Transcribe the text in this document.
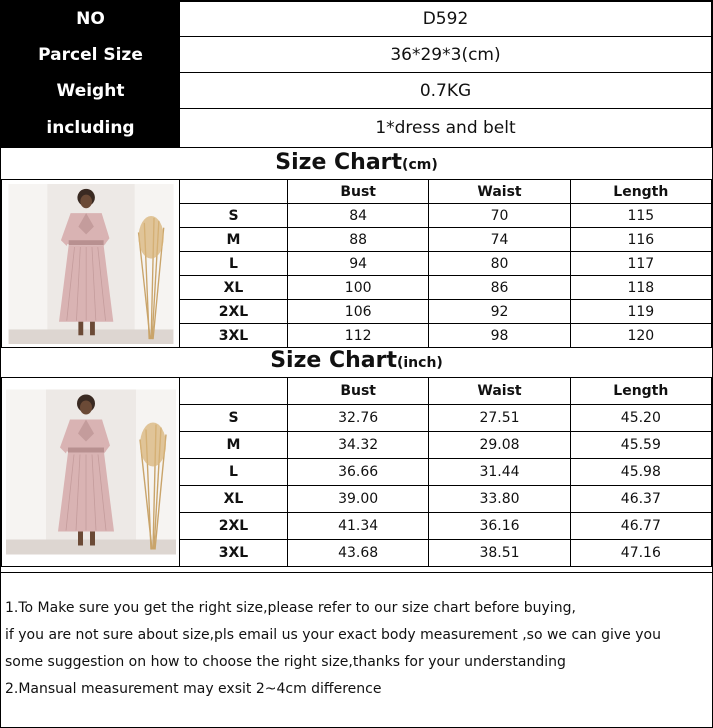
NO	D592
Parcel Size	36*29*3(cm)
Weight	0.7KG
including	1*dress and belt
Size Chart(cm)
		Bust	Waist	Length
	S	84	70	115
	M	88	74	116
	L	94	80	117
	XL	100	86	118
	2XL	106	92	119
	3XL	112	98	120
Size Chart(inch)
		Bust	Waist	Length
	S	32.76	27.51	45.20
	M	34.32	29.08	45.59
	L	36.66	31.44	45.98
	XL	39.00	33.80	46.37
	2XL	41.34	36.16	46.77
	3XL	43.68	38.51	47.16
1.To Make sure you get the right size,please refer to our size chart before buying,
if you are not sure about size,pls email us your exact body measurement ,so we can give you
some suggestion on how to choose the right size,thanks for your understanding
2.Mansual measurement may exsit 2~4cm difference
